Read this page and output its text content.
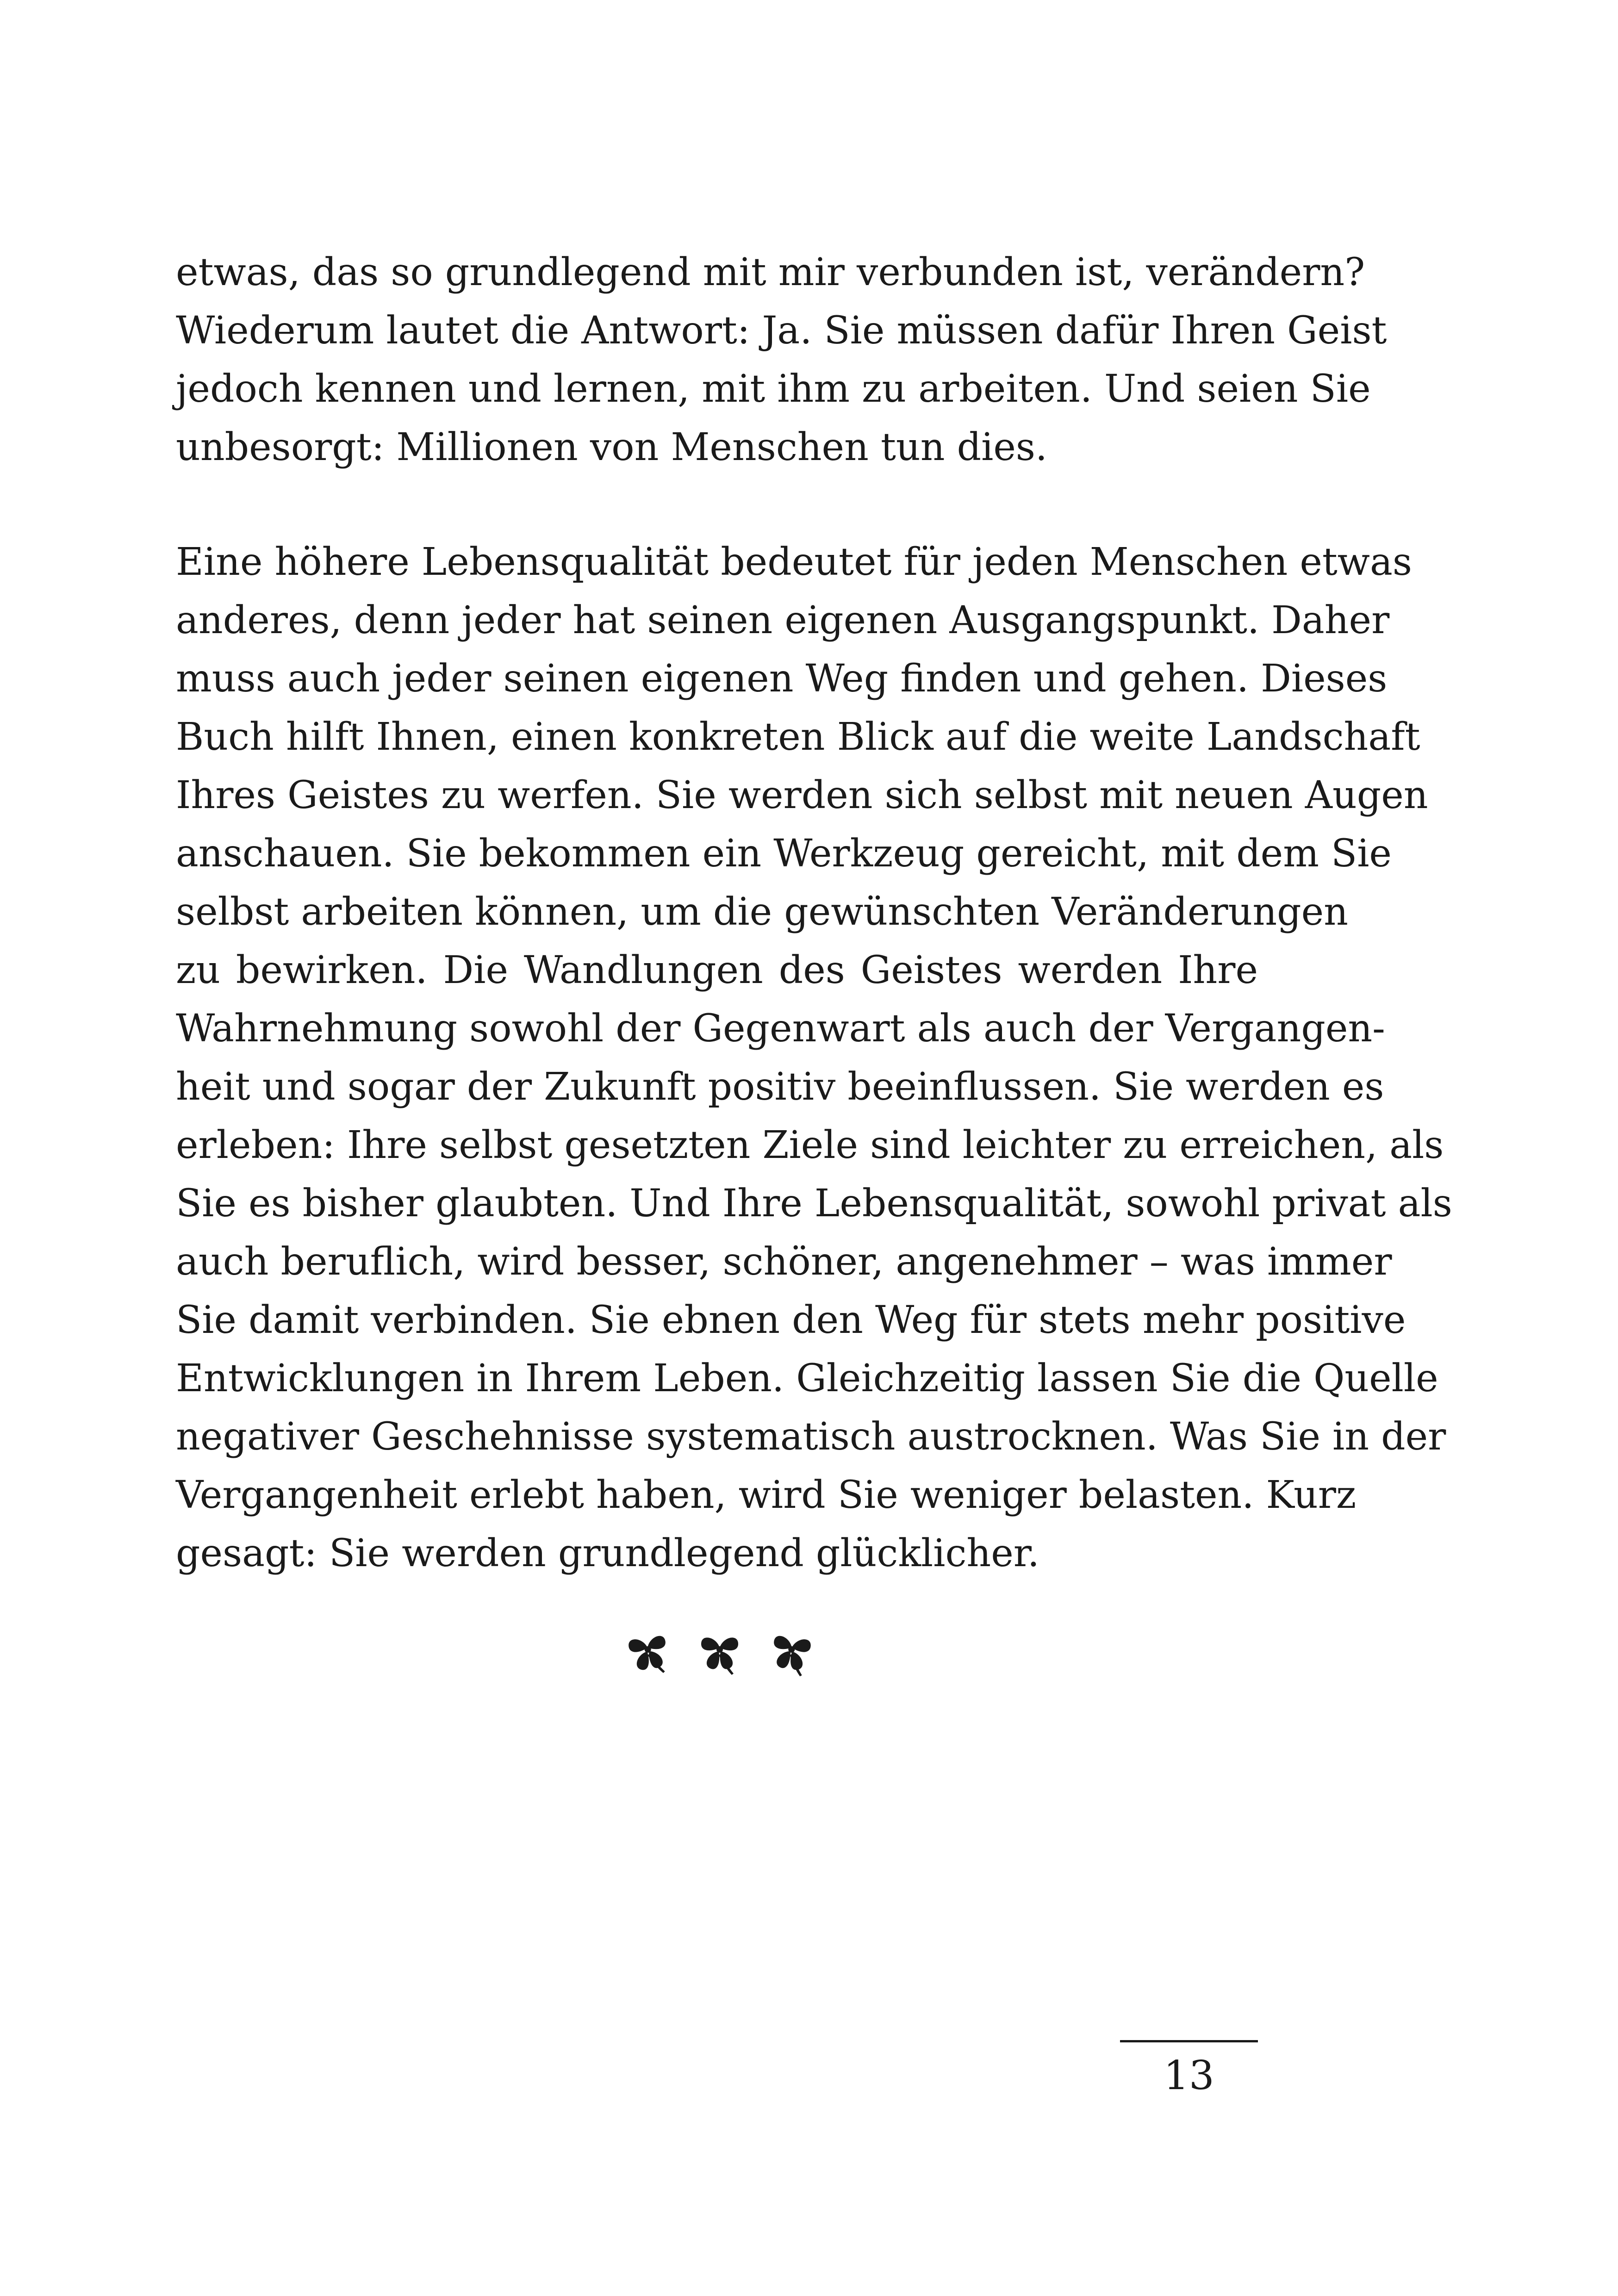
etwas, das so grundlegend mit mir verbunden ist, verändern?
Wiederum lautet die Antwort: Ja. Sie müssen dafür Ihren Geist
jedoch kennen und lernen, mit ihm zu arbeiten. Und seien Sie
unbesorgt: Millionen von Menschen tun dies.
Eine höhere Lebensqualität bedeutet für jeden Menschen etwas
anderes, denn jeder hat seinen eigenen Ausgangspunkt. Daher
muss auch jeder seinen eigenen Weg finden und gehen. Dieses
Buch hilft Ihnen, einen konkreten Blick auf die weite Landschaft
Ihres Geistes zu werfen. Sie werden sich selbst mit neuen Augen
anschauen. Sie bekommen ein Werkzeug gereicht, mit dem Sie
selbst arbeiten können, um die gewünschten Veränderungen
zu bewirken. Die Wandlungen des Geistes werden Ihre
Wahrnehmung sowohl der Gegenwart als auch der Vergangen-
heit und sogar der Zukunft positiv beeinflussen. Sie werden es
erleben: Ihre selbst gesetzten Ziele sind leichter zu erreichen, als
Sie es bisher glaubten. Und Ihre Lebensqualität, sowohl privat als
auch beruflich, wird besser, schöner, angenehmer – was immer
Sie damit verbinden. Sie ebnen den Weg für stets mehr positive
Entwicklungen in Ihrem Leben. Gleichzeitig lassen Sie die Quelle
negativer Geschehnisse systematisch austrocknen. Was Sie in der
Vergangenheit erlebt haben, wird Sie weniger belasten. Kurz
gesagt: Sie werden grundlegend glücklicher.
13
